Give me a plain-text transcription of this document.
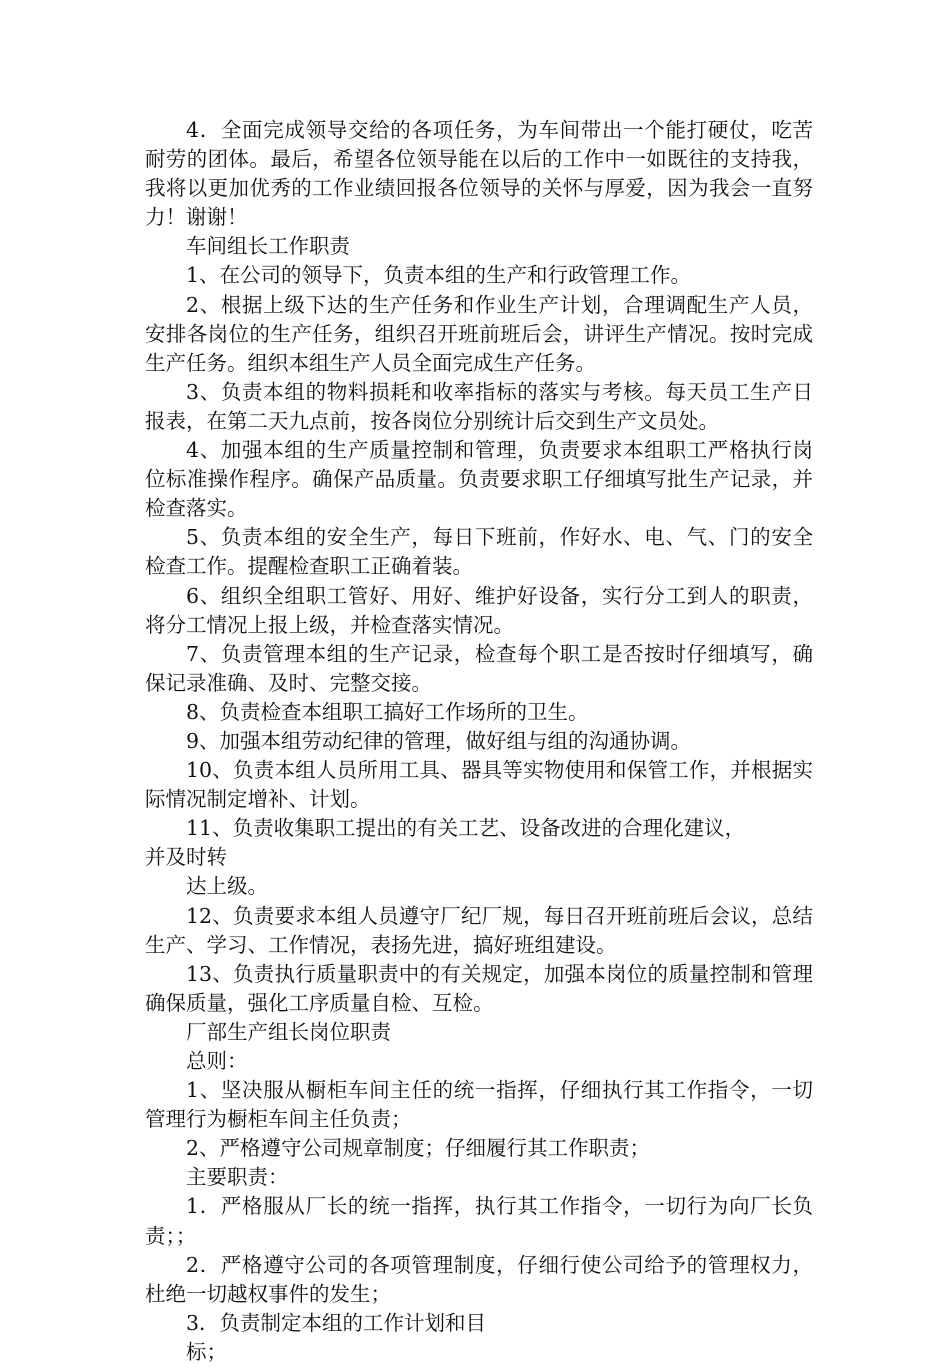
4．全面完成领导交给的各项任务，为车间带出一个能打硬仗，吃苦耐劳的团体。最后，希望各位领导能在以后的工作中一如既往的支持我，我将以更加优秀的工作业绩回报各位领导的关怀与厚爱，因为我会一直努力！谢谢！

车间组长工作职责

1、在公司的领导下，负责本组的生产和行政管理工作。

2、根据上级下达的生产任务和作业生产计划，合理调配生产人员，安排各岗位的生产任务，组织召开班前班后会，讲评生产情况。按时完成生产任务。组织本组生产人员全面完成生产任务。

3、负责本组的物料损耗和收率指标的落实与考核。每天员工生产日报表，在第二天九点前，按各岗位分别统计后交到生产文员处。

4、加强本组的生产质量控制和管理，负责要求本组职工严格执行岗位标准操作程序。确保产品质量。负责要求职工仔细填写批生产记录，并检查落实。

5、负责本组的安全生产，每日下班前，作好水、电、气、门的安全检查工作。提醒检查职工正确着装。

6、组织全组职工管好、用好、维护好设备，实行分工到人的职责，将分工情况上报上级，并检查落实情况。

7、负责管理本组的生产记录，检查每个职工是否按时仔细填写，确保记录准确、及时、完整交接。

8、负责检查本组职工搞好工作场所的卫生。

9、加强本组劳动纪律的管理，做好组与组的沟通协调。

10、负责本组人员所用工具、器具等实物使用和保管工作，并根据实际情况制定增补、计划。

11、负责收集职工提出的有关工艺、设备改进的合理化建议，

并及时转

达上级。

12、负责要求本组人员遵守厂纪厂规，每日召开班前班后会议，总结生产、学习、工作情况，表扬先进，搞好班组建设。

13、负责执行质量职责中的有关规定，加强本岗位的质量控制和管理确保质量，强化工序质量自检、互检。

厂部生产组长岗位职责

总则：

1、坚决服从橱柜车间主任的统一指挥，仔细执行其工作指令，一切管理行为橱柜车间主任负责；

2、严格遵守公司规章制度；仔细履行其工作职责；

主要职责：

1．严格服从厂长的统一指挥，执行其工作指令，一切行为向厂长负责；；

2．严格遵守公司的各项管理制度，仔细行使公司给予的管理权力，杜绝一切越权事件的发生；

3．负责制定本组的工作计划和目

标；
